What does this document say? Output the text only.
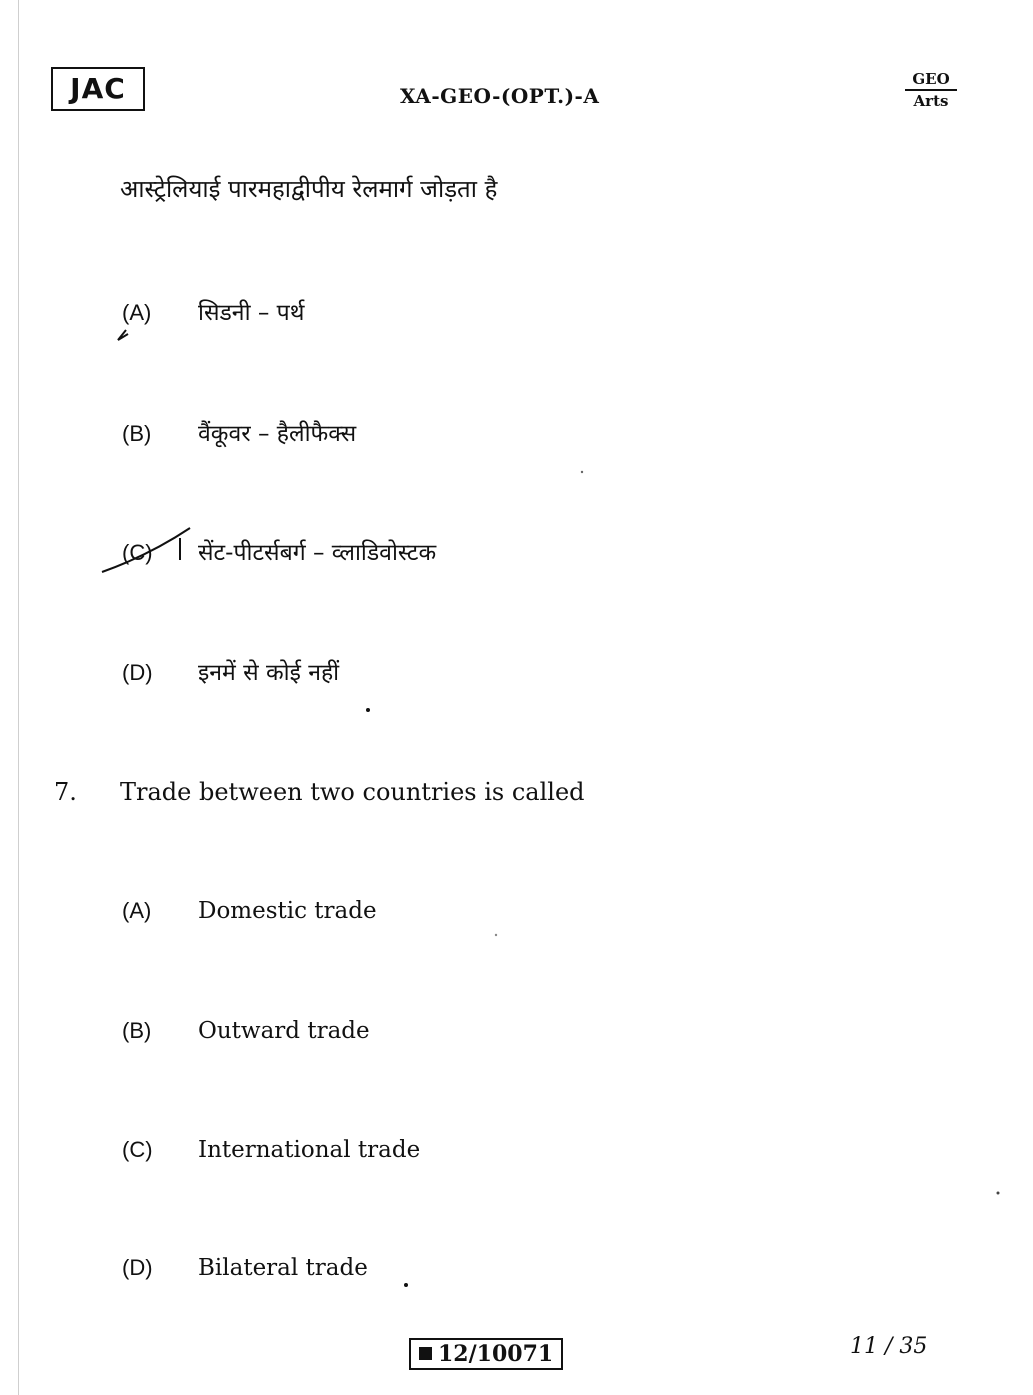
JAC	XA-GEO-(OPT.)-A
GEO
Arts
आस्ट्रेलियाई पारमहाद्वीपीय रेलमार्ग जोड़ता है
(A) सिडनी – पर्थ
(B) वैंकूवर – हैलीफैक्स
(C) सेंट-पीटर्सबर्ग – व्लाडिवोस्टक
(D) इनमें से कोई नहीं
7. Trade between two countries is called
(A) Domestic trade
(B) Outward trade
(C) International trade
(D) Bilateral trade
12/10071	11 / 35
